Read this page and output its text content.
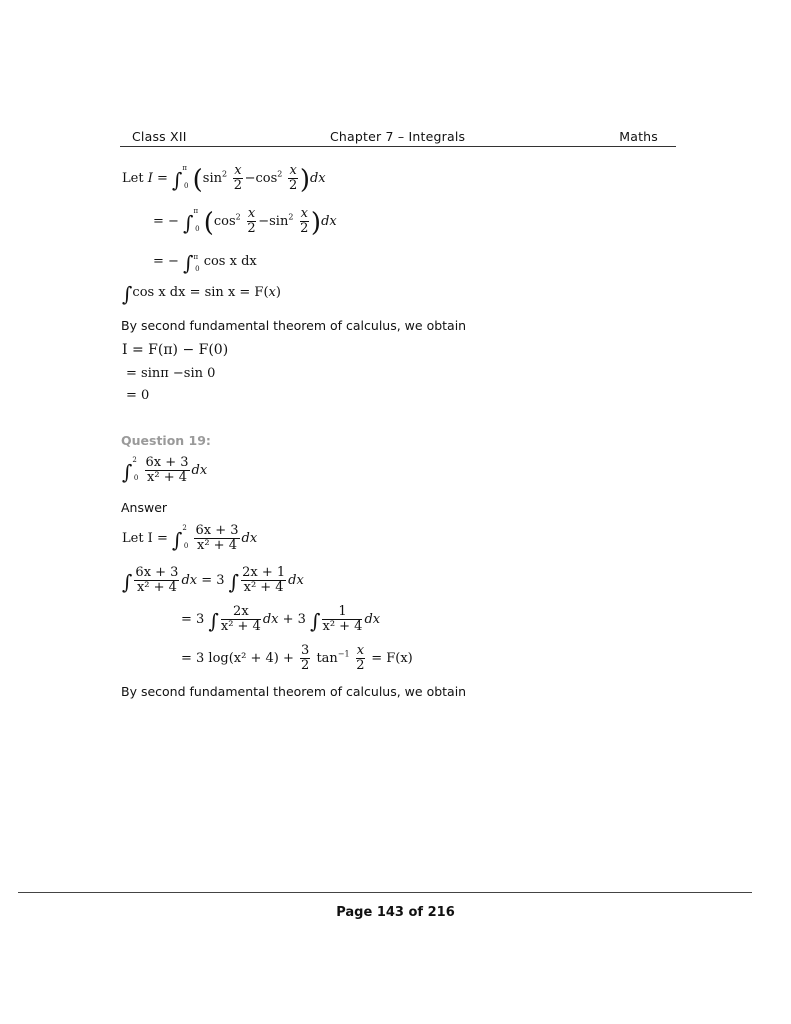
Class XII	Chapter 7 – Integrals	Maths
Let I = ∫$^\pi_0$ $(\sin^2 \frac{x}{2} -\cos^2 \frac{x}{2} )dx$
= − ∫$^\pi_0$ $(\cos^2 \frac{x}{2} -\sin^2 \frac{x}{2} )dx$
= − ∫$^\pi_0$ cos x dx
∫cos x dx = sin x = F(x)
By second fundamental theorem of calculus, we obtain
I = F(π) − F(0)
= sinπ −sin 0
= 0
Question 19:
$\int^2_0 \frac{6x + 3}{\text{x² + 4}}$ dx
Answer
Let $I = \int^2_0 \frac{6x + 3}{\text{x² + 4}}$ dx
∫ $\frac{6x + 3}{\text{x² + 4}}$ dx = 3 ∫ $\frac{2x + 1}{\text{x² + 4}}$ dx
= 3 ∫ $\frac{2x}{\text{x² + 4}}$ dx + 3 ∫ $\frac{1}{\text{x² + 4}}$ dx
= 3 $\log(x^2 + 4) + \frac{3}{2} \tan^{-1} \frac{x}{2} = F(x)$
By second fundamental theorem of calculus, we obtain
Page 143 of 216
